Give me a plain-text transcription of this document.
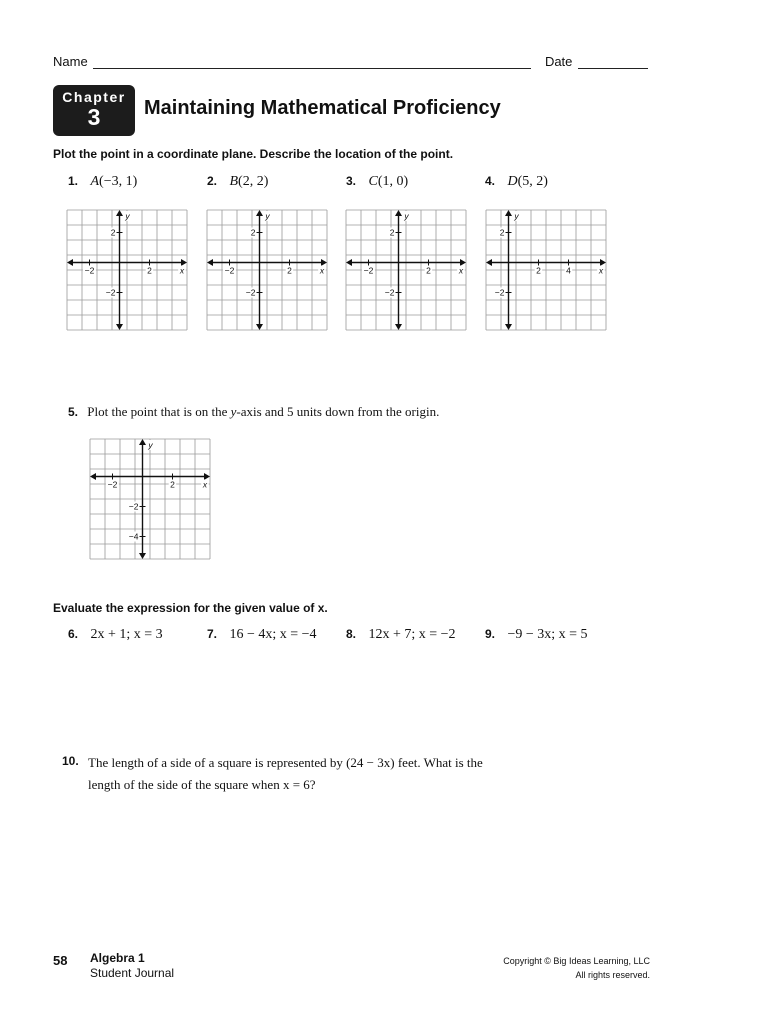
Name	Date
Chapter
3	Maintaining Mathematical Proficiency
Plot the point in a coordinate plane. Describe the location of the point.
1. A(−3, 1)	2. B(2, 2)	3. C(1, 0)	4. D(5, 2)
−2	2
2
−2
x
y
−2	2
2
−2
x
y
−2	2
2
−2
x
y
2	4
2
−2
x
y
5. Plot the point that is on the y-axis and 5 units down from the origin.
−2	2
−2
−4
x
y
Evaluate the expression for the given value of x.
6. 2x + 1; x = 3	7. 16 − 4x; x = −4 8. 12x + 7; x = −2 9. −9 − 3x; x = 5
10. The length of a side of a square is represented by (24 − 3x) feet. What is the
length of the side of the square when x = 6?
58 Algebra 1
Student Journal
Copyright © Big Ideas Learning, LLC
All rights reserved.
